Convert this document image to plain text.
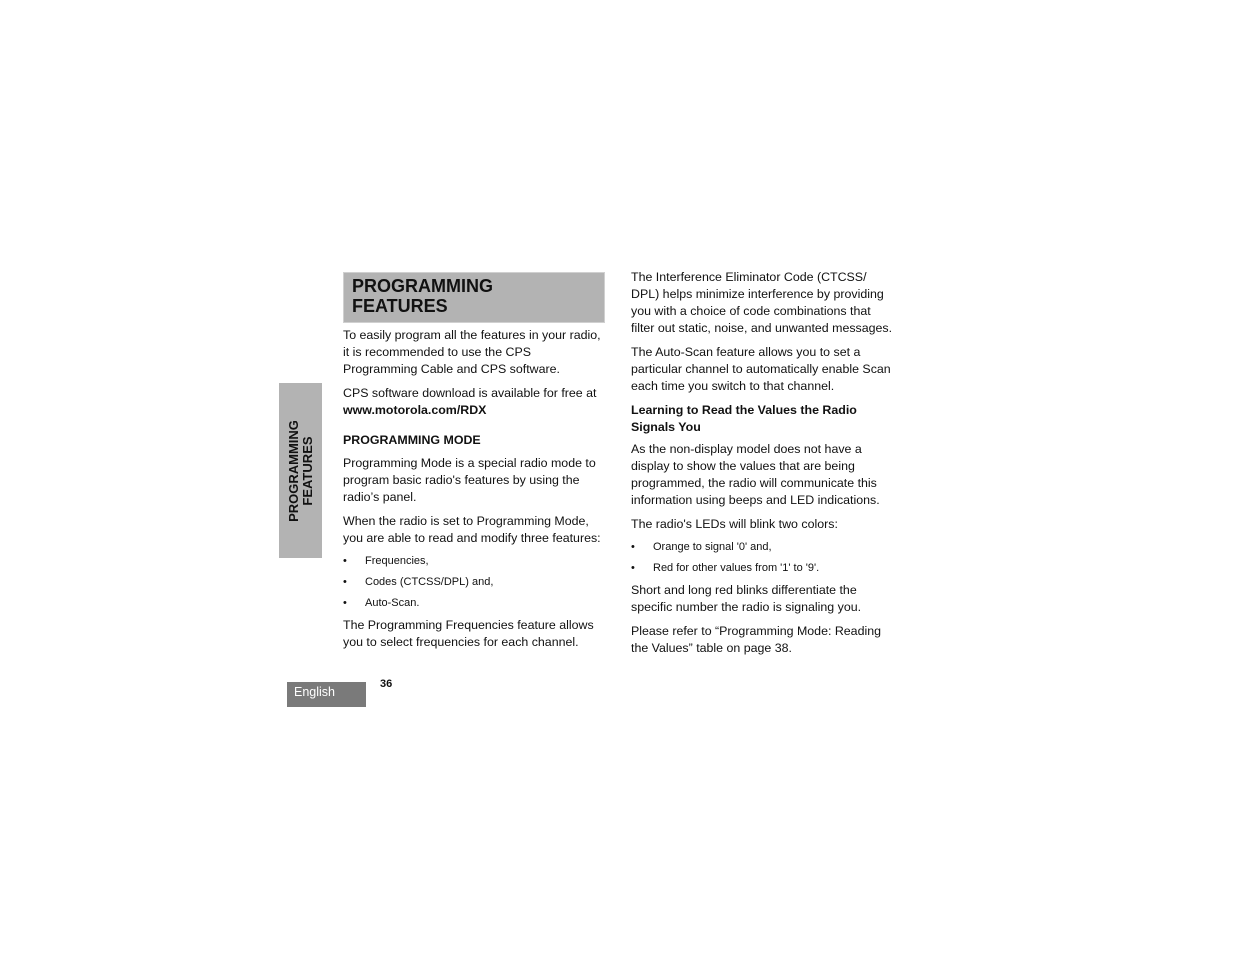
PROGRAMMING FEATURES
PROGRAMMING
FEATURES

To easily program all the features in your radio, it is recommended to use the CPS Programming Cable and CPS software.

CPS software download is available for free at
www.motorola.com/RDX

PROGRAMMING MODE

Programming Mode is a special radio mode to program basic radio's features by using the radio’s panel.

When the radio is set to Programming Mode, you are able to read and modify three features:

• Frequencies,
• Codes (CTCSS/DPL) and,
• Auto-Scan.

The Programming Frequencies feature allows you to select frequencies for each channel.

The Interference Eliminator Code (CTCSS/ DPL) helps minimize interference by providing you with a choice of code combinations that filter out static, noise, and unwanted messages.

The Auto-Scan feature allows you to set a particular channel to automatically enable Scan each time you switch to that channel.

Learning to Read the Values the Radio Signals You

As the non-display model does not have a display to show the values that are being programmed, the radio will communicate this information using beeps and LED indications.

The radio's LEDs will blink two colors:

• Orange to signal '0' and,
• Red for other values from '1' to '9'.

Short and long red blinks differentiate the specific number the radio is signaling you.

Please refer to “Programming Mode: Reading the Values” table on page 38.

English
36
